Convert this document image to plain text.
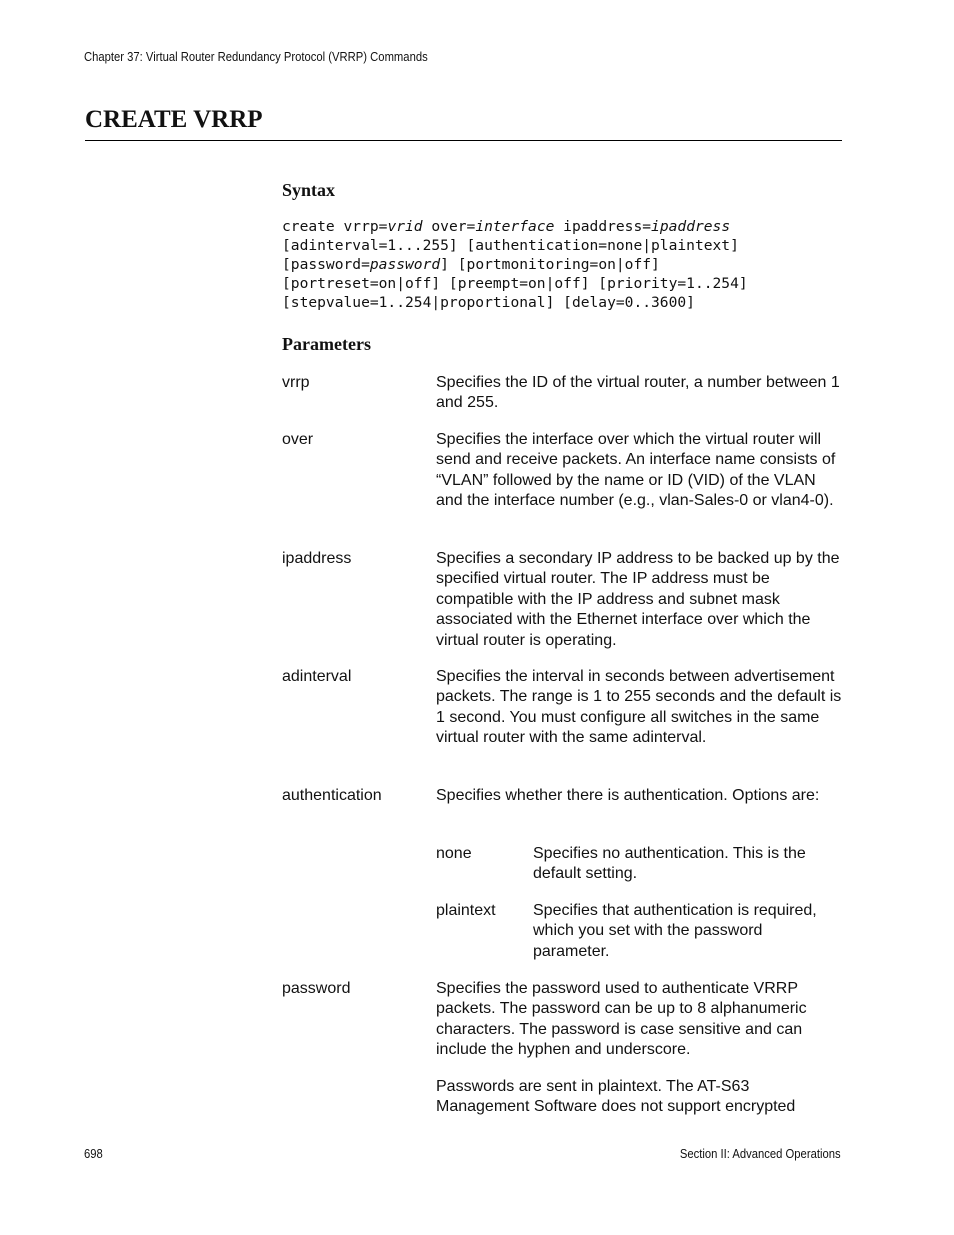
Chapter 37: Virtual Router Redundancy Protocol (VRRP) Commands
CREATE VRRP
Syntax
create vrrp=vrid over=interface ipaddress=ipaddress
[adinterval=1...255] [authentication=none|plaintext]
[password=password] [portmonitoring=on|off]
[portreset=on|off] [preempt=on|off] [priority=1..254]
[stepvalue=1..254|proportional] [delay=0..3600]
Parameters
vrrp	Specifies the ID of the virtual router, a number between 1 and 255.
over	Specifies the interface over which the virtual router will send and receive packets. An interface name consists of “VLAN” followed by the name or ID (VID) of the VLAN and the interface number (e.g., vlan-Sales-0 or vlan4-0).
ipaddress	Specifies a secondary IP address to be backed up by the specified virtual router. The IP address must be compatible with the IP address and subnet mask associated with the Ethernet interface over which the virtual router is operating.
adinterval	Specifies the interval in seconds between advertisement packets. The range is 1 to 255 seconds and the default is 1 second. You must configure all switches in the same virtual router with the same adinterval.
authentication	Specifies whether there is authentication. Options are:
none	Specifies no authentication. This is the default setting.
plaintext Specifies that authentication is required, which you set with the password parameter.
password	Specifies the password used to authenticate VRRP packets. The password can be up to 8 alphanumeric characters. The password is case sensitive and can include the hyphen and underscore.
Passwords are sent in plaintext. The AT-S63 Management Software does not support encrypted
698	Section II: Advanced Operations
